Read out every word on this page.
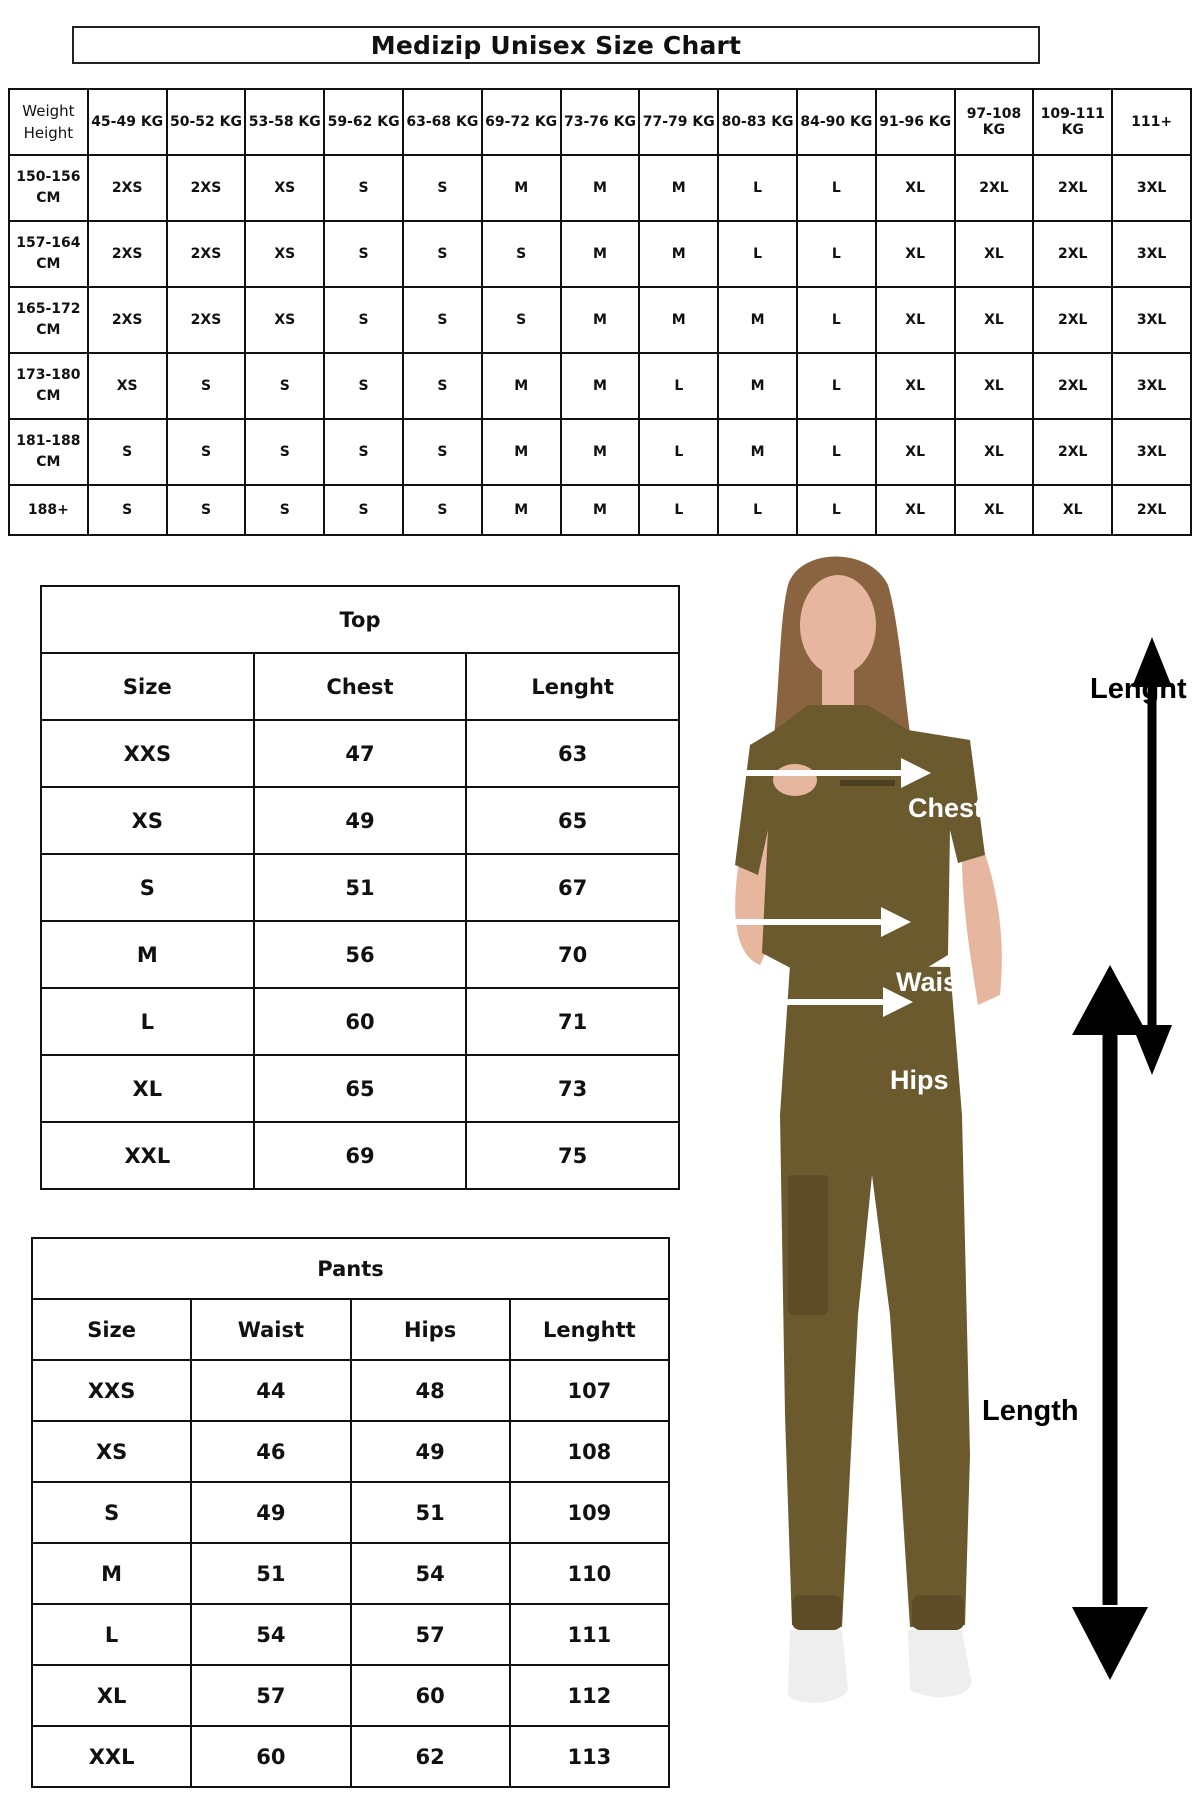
Medizip Unisex Size Chart
Weight
Height	45-49 KG	50-52 KG	53-58 KG	59-62 KG	63-68 KG	69-72 KG	73-76 KG	77-79 KG	80-83 KG	84-90 KG	91-96 KG	97-108 KG	109-111 KG	111+
150-156 CM	2XS	2XS	XS	S	S	M	M	M	L	L	XL	2XL	2XL	3XL
157-164 CM	2XS	2XS	XS	S	S	S	M	M	L	L	XL	XL	2XL	3XL
165-172 CM	2XS	2XS	XS	S	S	S	M	M	M	L	XL	XL	2XL	3XL
173-180 CM	XS	S	S	S	S	M	M	L	M	L	XL	XL	2XL	3XL
181-188 CM	S	S	S	S	S	M	M	L	M	L	XL	XL	2XL	3XL
188+	S	S	S	S	S	M	M	L	L	L	XL	XL	XL	2XL
Top		
Size	Chest	Lenght
XXS	47	63
XS	49	65
S	51	67
M	56	70
L	60	71
XL	65	73
XXL	69	75
Pants			
Size	Waist	Hips	Lenghtt
XXS	44	48	107
XS	46	49	108
S	49	51	109
M	51	54	110
L	54	57	111
XL	57	60	112
XXL	60	62	113
Lenght
Chest
Waist
Hips
Length
